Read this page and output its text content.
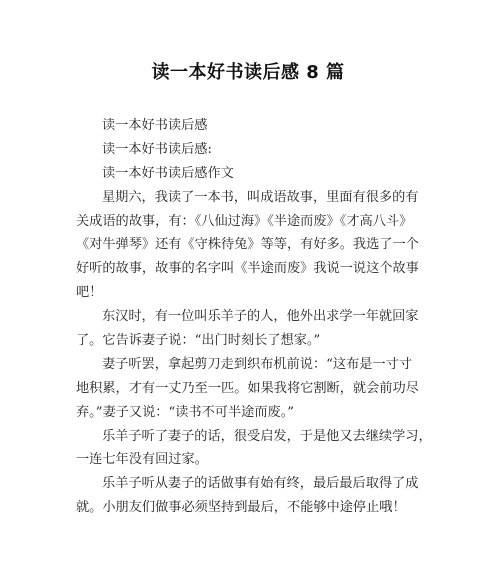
读一本好书读后感 8 篇
读一本好书读后感
读一本好书读后感:
读一本好书读后感作文
星期六，我读了一本书，叫成语故事，里面有很多的有
关成语的故事，有：《八仙过海》《半途而废》《才高八斗》
《对牛弹琴》还有《守株待兔》等等，有好多。我选了一个
好听的故事，故事的名字叫《半途而废》我说一说这个故事
吧！
东汉时，有一位叫乐羊子的人，他外出求学一年就回家
了。它告诉妻子说：“出门时刻长了想家。”
妻子听罢，拿起剪刀走到织布机前说：“这布是一寸寸
地积累，才有一丈乃至一匹。如果我将它割断，就会前功尽
弃。”妻子又说：“读书不可半途而废。”
乐羊子听了妻子的话，很受启发，于是他又去继续学习，
一连七年没有回过家。
乐羊子听从妻子的话做事有始有终，最后最后取得了成
就。小朋友们做事必须坚持到最后，不能够中途停止哦！
